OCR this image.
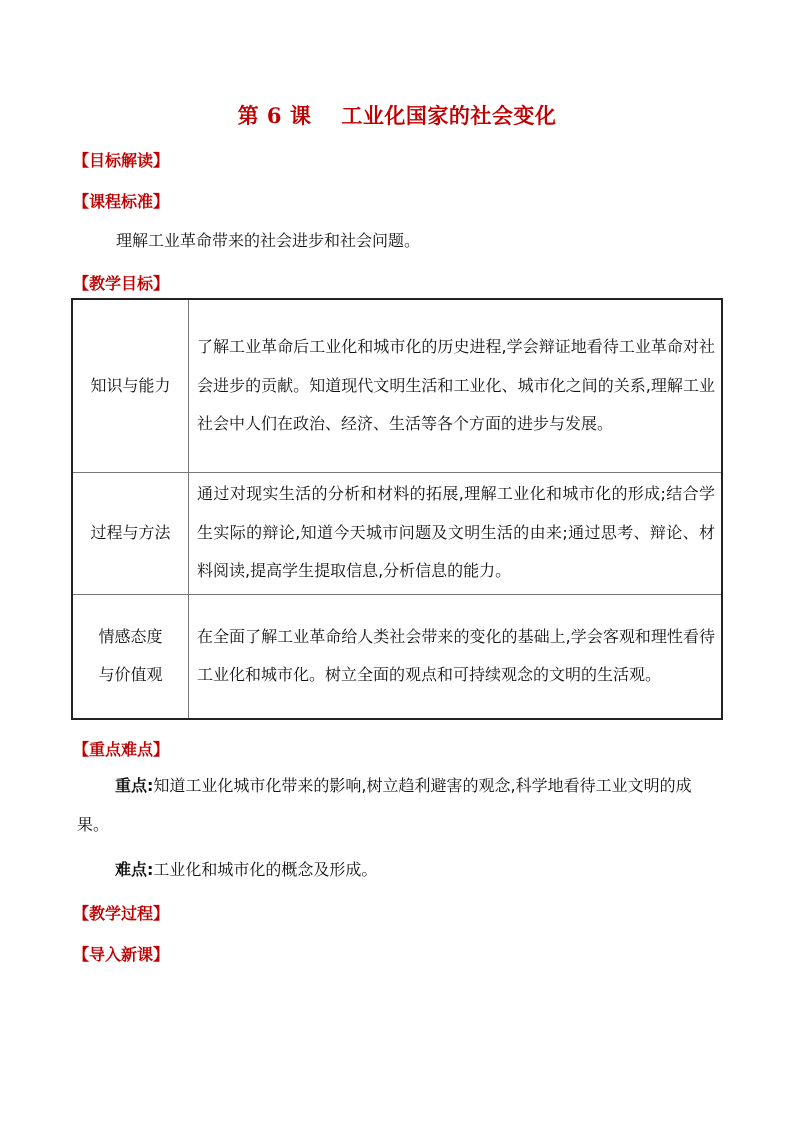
第 6 课 工业化国家的社会变化
【目标解读】
【课程标准】
理解工业革命带来的社会进步和社会问题。
【教学目标】
知识与能力	了解工业革命后工业化和城市化的历史进程,学会辩证地看待工业革命对社会进步的贡献。知道现代文明生活和工业化、城市化之间的关系,理解工业社会中人们在政治、经济、生活等各个方面的进步与发展。
过程与方法	通过对现实生活的分析和材料的拓展,理解工业化和城市化的形成;结合学生实际的辩论,知道今天城市问题及文明生活的由来;通过思考、辩论、材料阅读,提高学生提取信息,分析信息的能力。

情感态度
与价值观	在全面了解工业革命给人类社会带来的变化的基础上,学会客观和理性看待工业化和城市化。树立全面的观点和可持续观念的文明的生活观。
【重点难点】
重点:知道工业化城市化带来的影响,树立趋利避害的观念,科学地看待工业文明的成果。
难点:工业化和城市化的概念及形成。
【教学过程】
【导入新课】
